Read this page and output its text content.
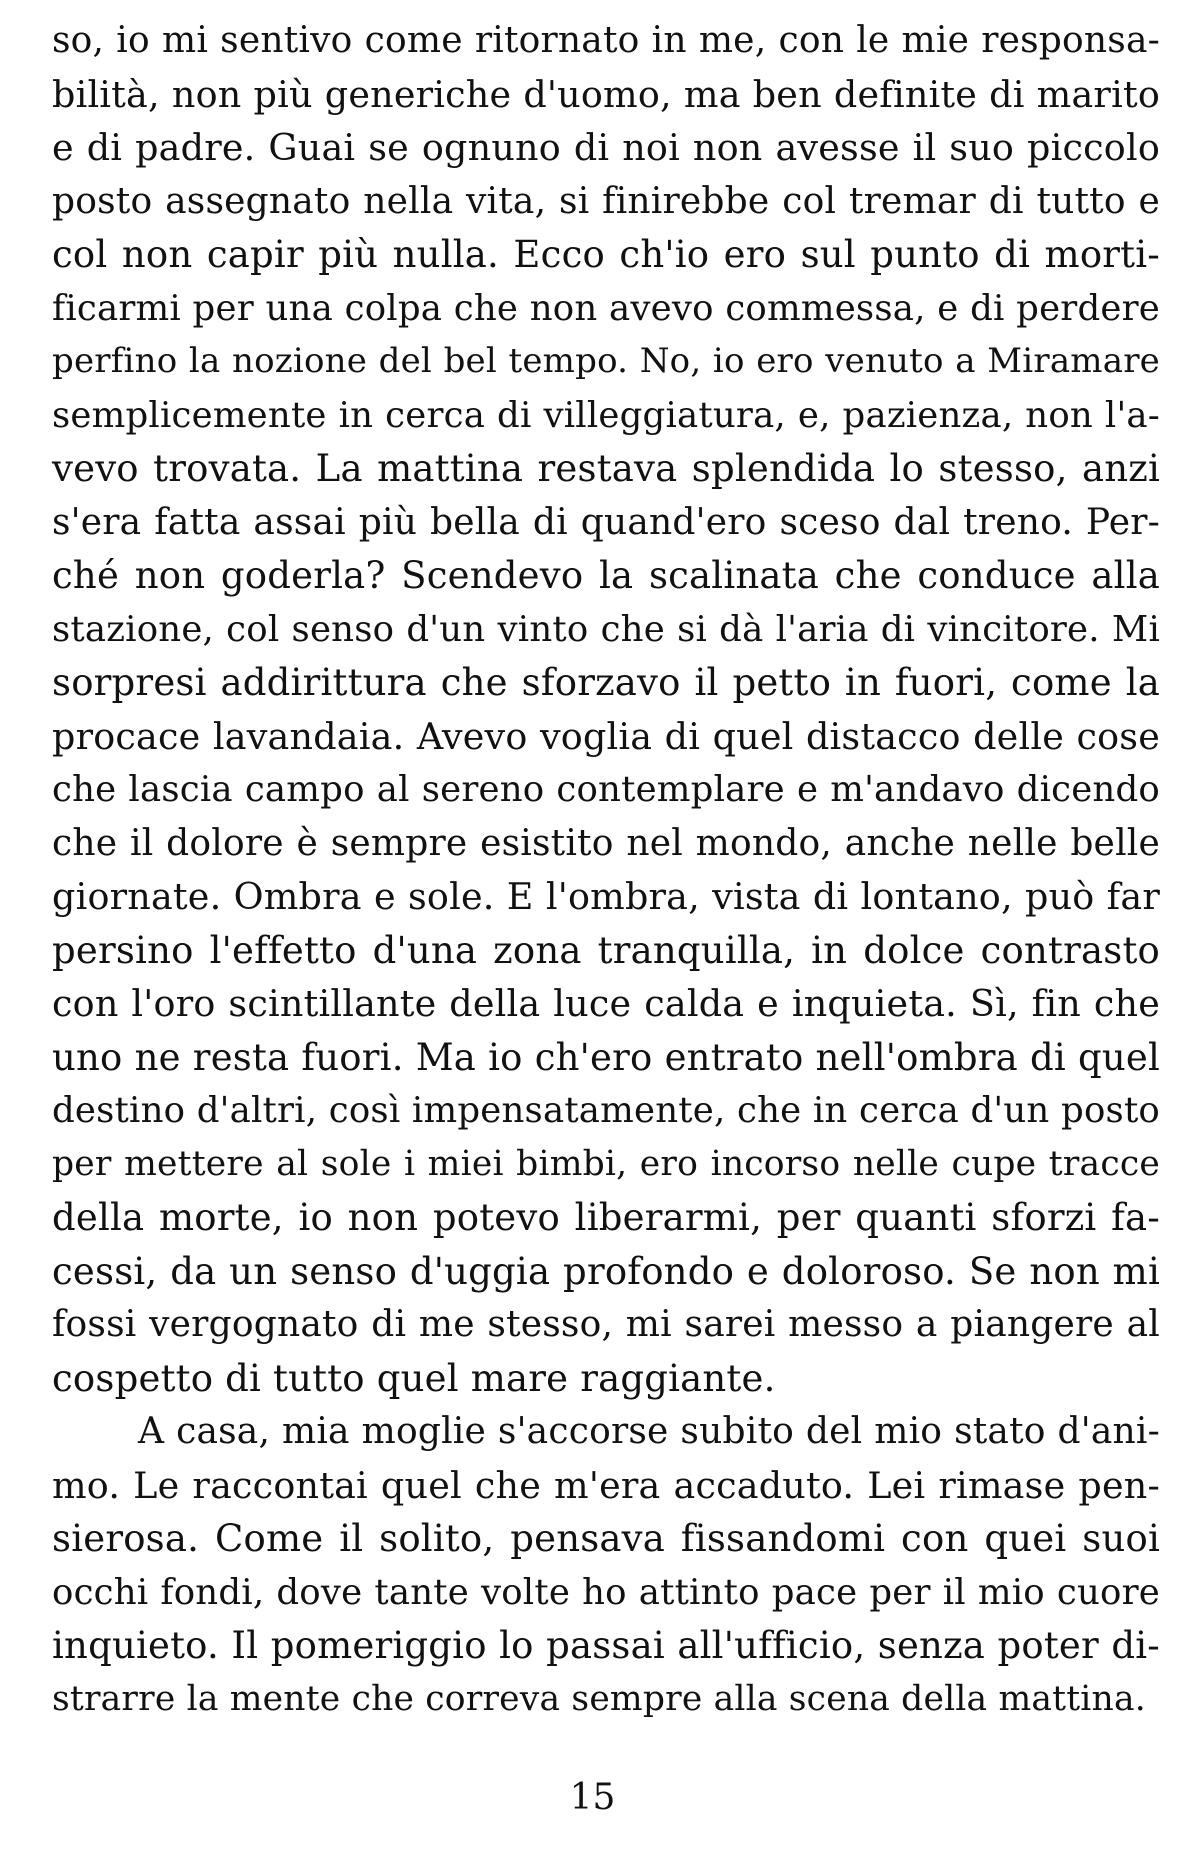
so, io mi sentivo come ritornato in me, con le mie responsa-
bilità, non più generiche d'uomo, ma ben definite di marito
e di padre. Guai se ognuno di noi non avesse il suo piccolo
posto assegnato nella vita, si finirebbe col tremar di tutto e
col non capir più nulla. Ecco ch'io ero sul punto di morti-
ficarmi per una colpa che non avevo commessa, e di perdere
perfino la nozione del bel tempo. No, io ero venuto a Miramare
semplicemente in cerca di villeggiatura, e, pazienza, non l'a-
vevo trovata. La mattina restava splendida lo stesso, anzi
s'era fatta assai più bella di quand'ero sceso dal treno. Per-
ché non goderla? Scendevo la scalinata che conduce alla
stazione, col senso d'un vinto che si dà l'aria di vincitore. Mi
sorpresi addirittura che sforzavo il petto in fuori, come la
procace lavandaia. Avevo voglia di quel distacco delle cose
che lascia campo al sereno contemplare e m'andavo dicendo
che il dolore è sempre esistito nel mondo, anche nelle belle
giornate. Ombra e sole. E l'ombra, vista di lontano, può far
persino l'effetto d'una zona tranquilla, in dolce contrasto
con l'oro scintillante della luce calda e inquieta. Sì, fin che
uno ne resta fuori. Ma io ch'ero entrato nell'ombra di quel
destino d'altri, così impensatamente, che in cerca d'un posto
per mettere al sole i miei bimbi, ero incorso nelle cupe tracce
della morte, io non potevo liberarmi, per quanti sforzi fa-
cessi, da un senso d'uggia profondo e doloroso. Se non mi
fossi vergognato di me stesso, mi sarei messo a piangere al
cospetto di tutto quel mare raggiante.
A casa, mia moglie s'accorse subito del mio stato d'ani-
mo. Le raccontai quel che m'era accaduto. Lei rimase pen-
sierosa. Come il solito, pensava fissandomi con quei suoi
occhi fondi, dove tante volte ho attinto pace per il mio cuore
inquieto. Il pomeriggio lo passai all'ufficio, senza poter di-
strarre la mente che correva sempre alla scena della mattina.
15
